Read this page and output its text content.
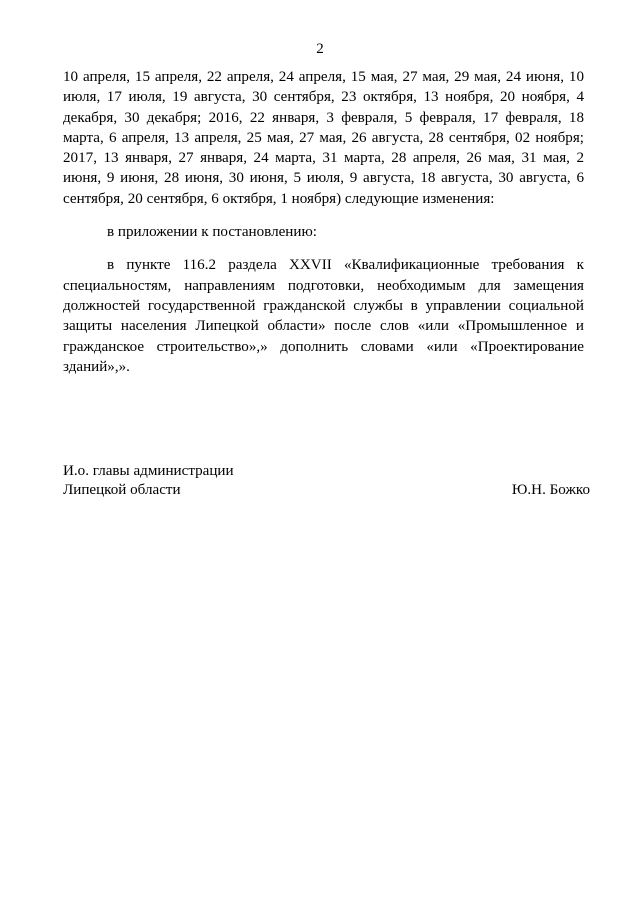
2

10 апреля, 15 апреля, 22 апреля, 24 апреля, 15 мая, 27 мая, 29 мая, 24 июня, 10 июля, 17 июля, 19 августа, 30 сентября, 23 октября, 13 ноября, 20 ноября, 4 декабря, 30 декабря; 2016, 22 января, 3 февраля, 5 февраля, 17 февраля, 18 марта, 6 апреля, 13 апреля, 25 мая, 27 мая, 26 августа, 28 сентября, 02 ноября; 2017, 13 января, 27 января, 24 марта, 31 марта, 28 апреля, 26 мая, 31 мая, 2 июня, 9 июня, 28 июня, 30 июня, 5 июля, 9 августа, 18 августа, 30 августа, 6 сентября, 20 сентября, 6 октября, 1 ноября) следующие изменения:

в приложении к постановлению:

в пункте 116.2 раздела XXVII «Квалификационные требования к специальностям, направлениям подготовки, необходимым для замещения должностей государственной гражданской службы в управлении социальной защиты населения Липецкой области» после слов «или «Промышленное и гражданское строительство»,» дополнить словами «или «Проектирование зданий»,».

И.о. главы администрации
Липецкой области	Ю.Н. Божко
